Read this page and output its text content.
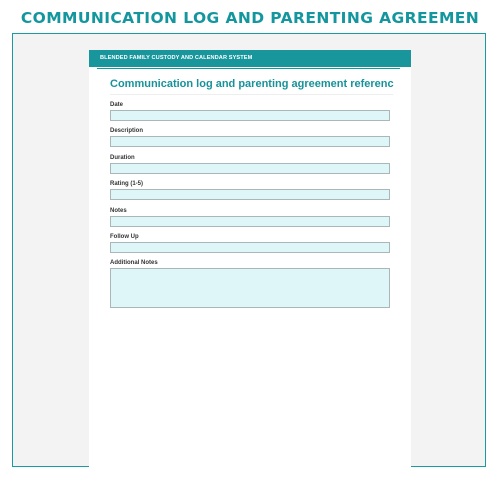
COMMUNICATION LOG AND PARENTING AGREEMEN
BLENDED FAMILY CUSTODY AND CALENDAR SYSTEM
Communication log and parenting agreement referenc
Date
Description
Duration
Rating (1-5)
Notes
Follow Up
Additional Notes
